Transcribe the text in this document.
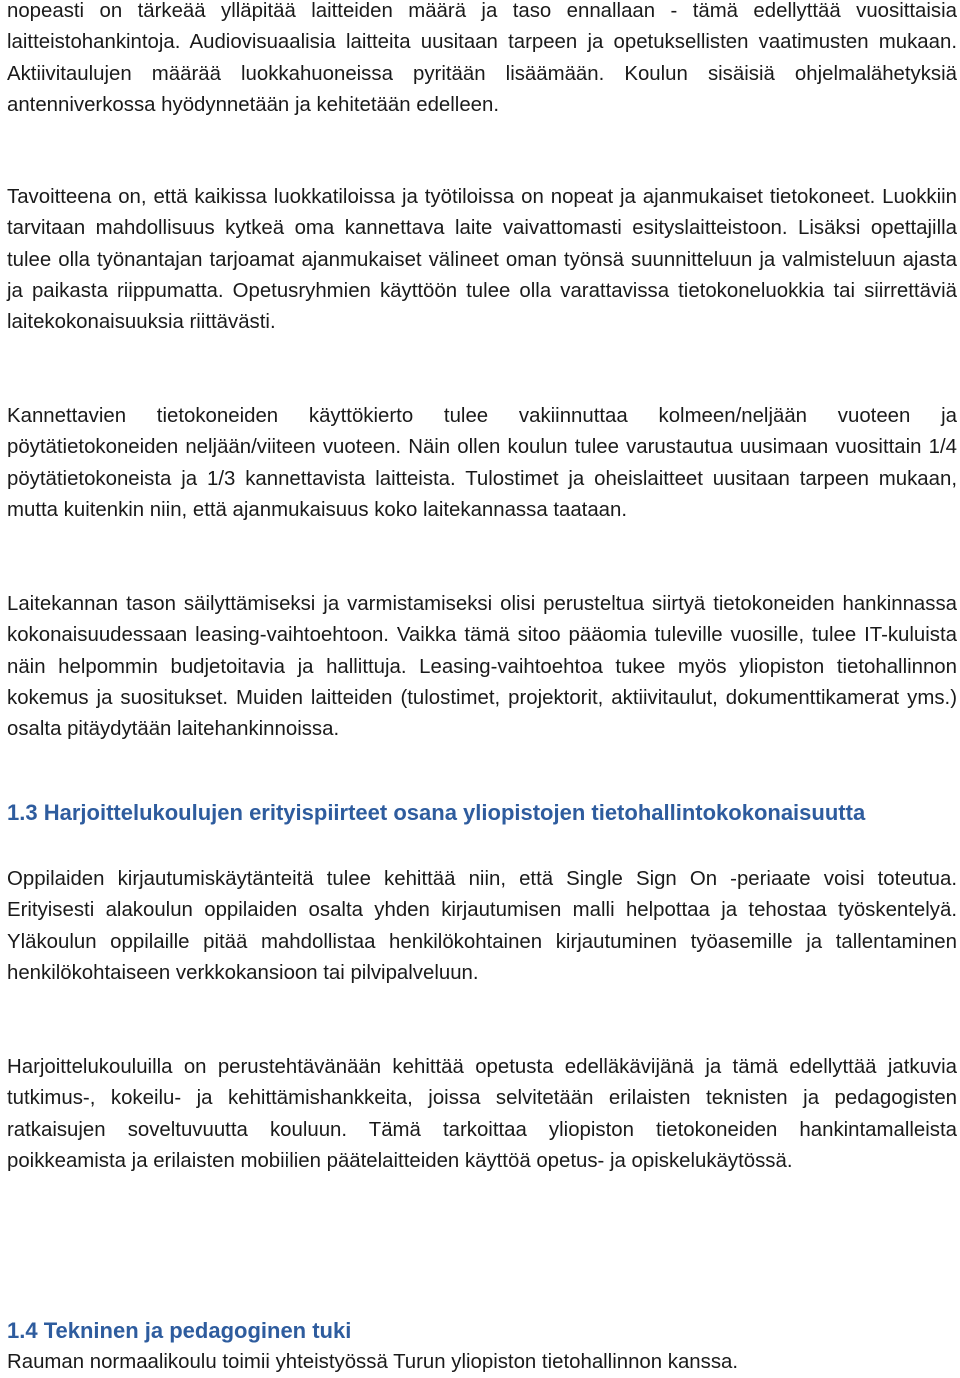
nopeasti on tärkeää ylläpitää laitteiden määrä ja taso ennallaan - tämä edellyttää vuosittaisia laitteistohankintoja. Audiovisuaalisia laitteita uusitaan tarpeen ja opetuksellisten vaatimusten mukaan. Aktiivitaulujen määrää luokkahuoneissa pyritään lisäämään. Koulun sisäisiä ohjelmalähetyksiä antenniverkossa hyödynnetään ja kehitetään edelleen.

Tavoitteena on, että kaikissa luokkatiloissa ja työtiloissa on nopeat ja ajanmukaiset tietokoneet. Luokkiin tarvitaan mahdollisuus kytkeä oma kannettava laite vaivattomasti esityslaitteistoon. Lisäksi opettajilla tulee olla työnantajan tarjoamat ajanmukaiset välineet oman työnsä suunnitteluun ja valmisteluun ajasta ja paikasta riippumatta. Opetusryhmien käyttöön tulee olla varattavissa tietokoneluokkia tai siirrettäviä laitekokonaisuuksia riittävästi.

Kannettavien tietokoneiden käyttökierto tulee vakiinnuttaa kolmeen/neljään vuoteen ja pöytätietokoneiden neljään/viiteen vuoteen. Näin ollen koulun tulee varustautua uusimaan vuosittain 1/4 pöytätietokoneista ja 1/3 kannettavista laitteista. Tulostimet ja oheislaitteet uusitaan tarpeen mukaan, mutta kuitenkin niin, että ajanmukaisuus koko laitekannassa taataan.

Laitekannan tason säilyttämiseksi ja varmistamiseksi olisi perusteltua siirtyä tietokoneiden hankinnassa kokonaisuudessaan leasing-vaihtoehtoon. Vaikka tämä sitoo pääomia tuleville vuosille, tulee IT-kuluista näin helpommin budjetoitavia ja hallittuja. Leasing-vaihtoehtoa tukee myös yliopiston tietohallinnon kokemus ja suositukset. Muiden laitteiden (tulostimet, projektorit, aktiivitaulut, dokumenttikamerat yms.) osalta pitäydytään laitehankinnoissa.

1.3 Harjoittelukoulujen erityispiirteet osana yliopistojen tietohallintokokonaisuutta

Oppilaiden kirjautumiskäytänteitä tulee kehittää niin, että Single Sign On -periaate voisi toteutua. Erityisesti alakoulun oppilaiden osalta yhden kirjautumisen malli helpottaa ja tehostaa työskentelyä. Yläkoulun oppilaille pitää mahdollistaa henkilökohtainen kirjautuminen työasemille ja tallentaminen henkilökohtaiseen verkkokansioon tai pilvipalveluun.

Harjoittelukouluilla on perustehtävänään kehittää opetusta edelläkävijänä ja tämä edellyttää jatkuvia tutkimus-, kokeilu- ja kehittämishankkeita, joissa selvitetään erilaisten teknisten ja pedagogisten ratkaisujen soveltuvuutta kouluun. Tämä tarkoittaa yliopiston tietokoneiden hankintamalleista poikkeamista ja erilaisten mobiilien päätelaitteiden käyttöä opetus- ja opiskelukäytössä.

1.4 Tekninen ja pedagoginen tuki

Rauman normaalikoulu toimii yhteistyössä Turun yliopiston tietohallinnon kanssa.
